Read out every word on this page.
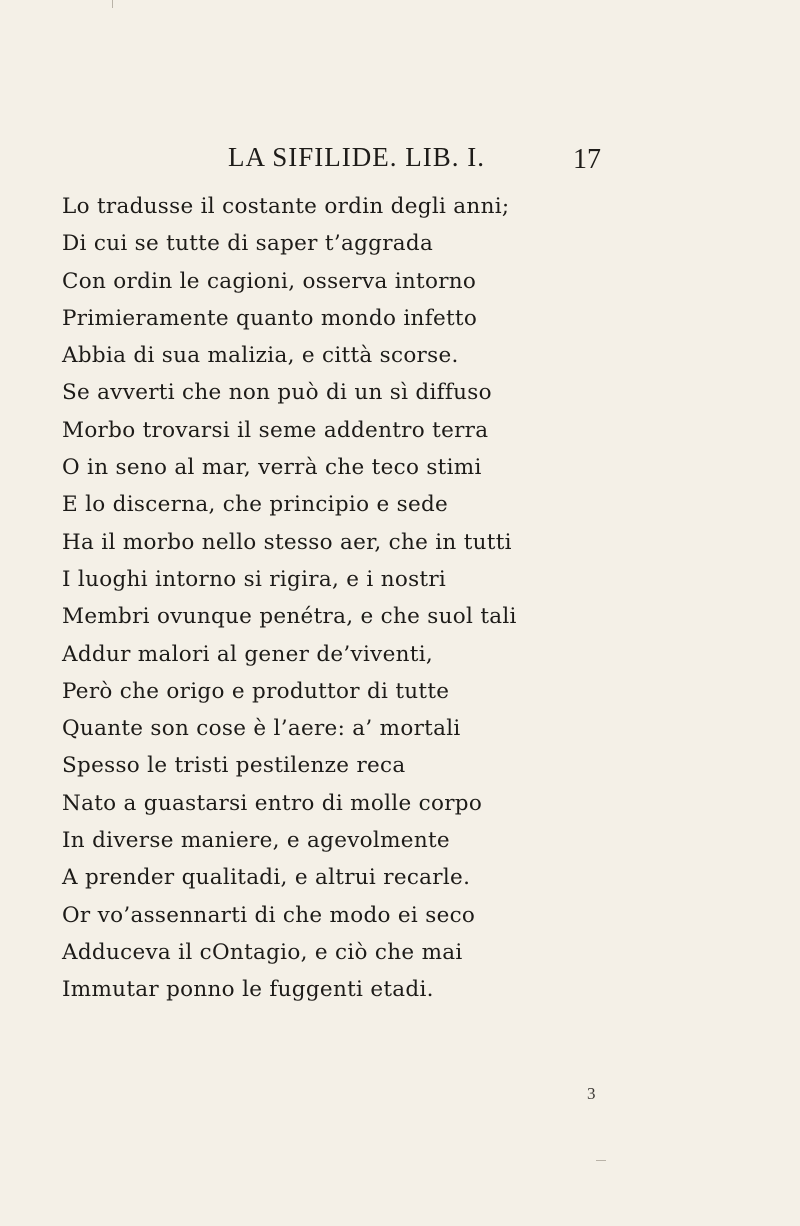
LA SIFILIDE. LIB. I.	17
Lo tradusse il costante ordin degli anni;
Di cui se tutte di saper t’aggrada
Con ordin le cagioni, osserva intorno
Primieramente quanto mondo infetto
Abbia di sua malizia, e città scorse.
Se avverti che non può di un sì diffuso
Morbo trovarsi il seme addentro terra
O in seno al mar, verrà che teco stimi
E lo discerna, che principio e sede
Ha il morbo nello stesso aer, che in tutti
I luoghi intorno si rigira, e i nostri
Membri ovunque penétra, e che suol tali
Addur malori al gener de’viventi,
Però che origo e produttor di tutte
Quante son cose è l’aere: a’ mortali
Spesso le tristi pestilenze reca
Nato a guastarsi entro di molle corpo
In diverse maniere, e agevolmente
A prender qualitadi, e altrui recarle.
Or vo’assennarti di che modo ei seco
Adduceva il cOntagio, e ciò che mai
Immutar ponno le fuggenti etadi.
3
